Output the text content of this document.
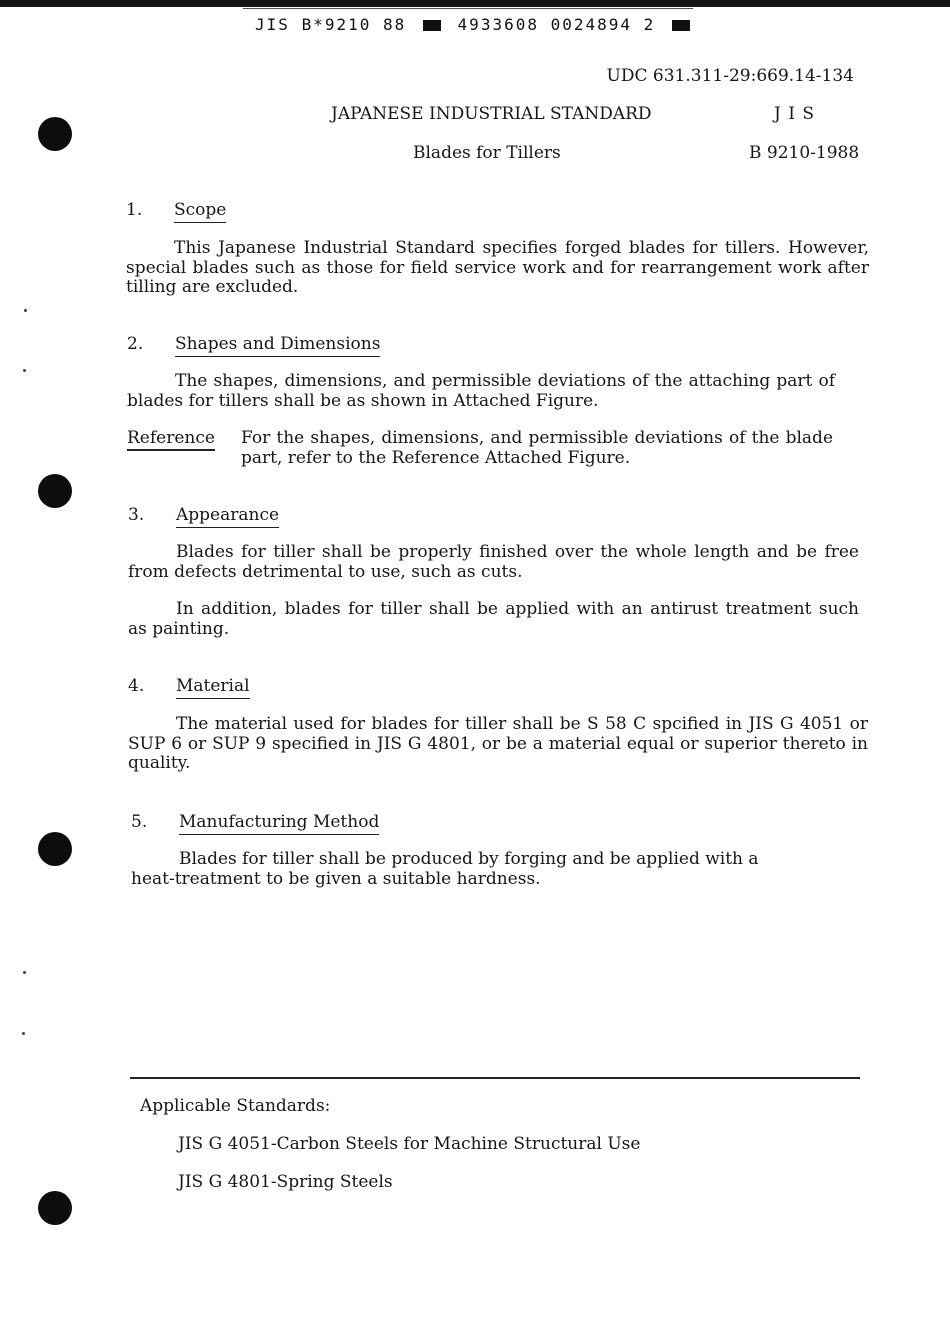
JIS B*9210 88	4933608 0024894 2
UDC 631.311-29:669.14-134
JAPANESE INDUSTRIAL STANDARD	J I S
Blades for Tillers	B 9210-1988
1. Scope
This Japanese Industrial Standard specifies forged blades for tillers. However, special blades such as those for field service work and for rearrangement work after tilling are excluded.
2. Shapes and Dimensions
The shapes, dimensions, and permissible deviations of the attaching part of blades for tillers shall be as shown in Attached Figure.
Reference For the shapes, dimensions, and permissible deviations of the blade part, refer to the Reference Attached Figure.
3. Appearance
Blades for tiller shall be properly finished over the whole length and be free from defects detrimental to use, such as cuts.
In addition, blades for tiller shall be applied with an antirust treatment such as painting.
4. Material
The material used for blades for tiller shall be S 58 C spcified in JIS G 4051 or SUP 6 or SUP 9 specified in JIS G 4801, or be a material equal or superior thereto in quality.
5. Manufacturing Method
Blades for tiller shall be produced by forging and be applied with a heat-treatment to be given a suitable hardness.
Applicable Standards:
JIS G 4051-Carbon Steels for Machine Structural Use
JIS G 4801-Spring Steels
